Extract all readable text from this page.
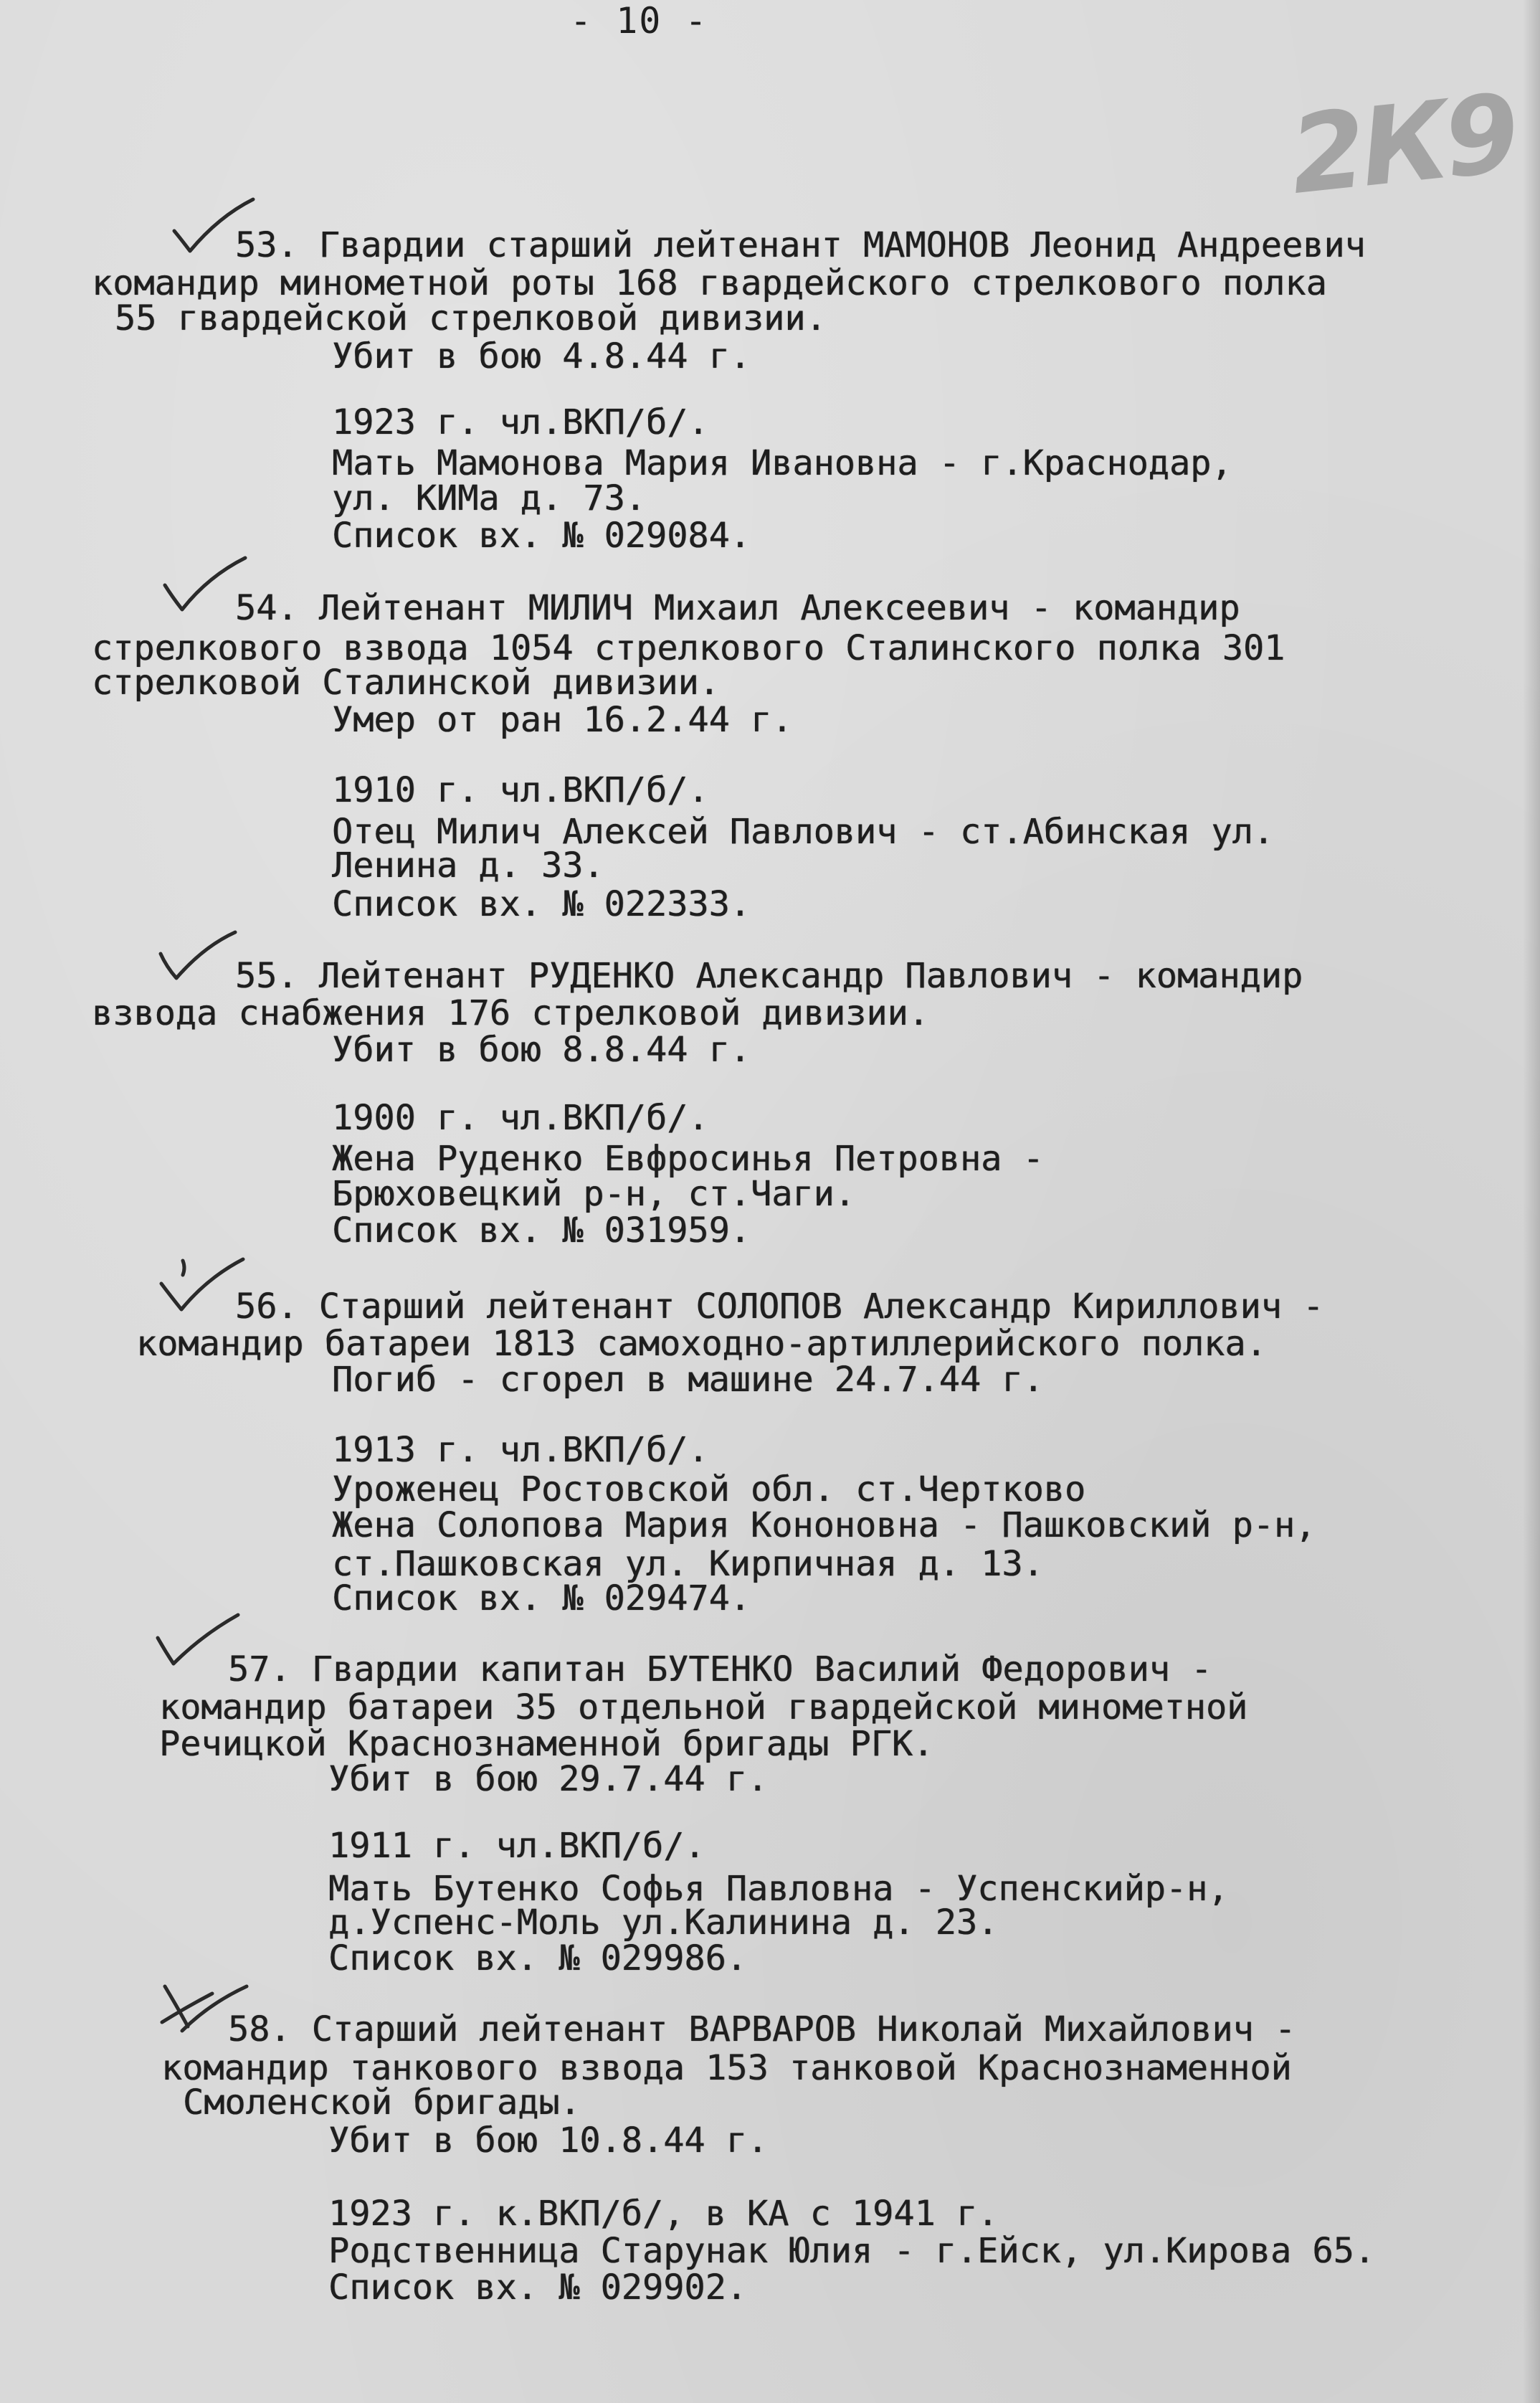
- 10 -
2К9
53. Гвардии старший лейтенант МАМОНОВ Леонид Андреевич
командир минометной роты 168 гвардейского стрелкового полка
55 гвардейской стрелковой дивизии.
Убит в бою 4.8.44 г.
1923 г. чл.ВКП/б/.
Мать Мамонова Мария Ивановна - г.Краснодар,
ул. КИМа д. 73.
Список вх. № 029084.
54. Лейтенант МИЛИЧ Михаил Алексеевич - командир
стрелкового взвода 1054 стрелкового Сталинского полка 301
стрелковой Сталинской дивизии.
Умер от ран 16.2.44 г.
1910 г. чл.ВКП/б/.
Отец Милич Алексей Павлович - ст.Абинская ул.
Ленина д. 33.
Список вх. № 022333.
55. Лейтенант РУДЕНКО Александр Павлович - командир
взвода снабжения 176 стрелковой дивизии.
Убит в бою 8.8.44 г.
1900 г. чл.ВКП/б/.
Жена Руденко Евфросинья Петровна -
Брюховецкий р-н, ст.Чаги.
Список вх. № 031959.
56. Старший лейтенант СОЛОПОВ Александр Кириллович -
командир батареи 1813 самоходно-артиллерийского полка.
Погиб - сгорел в машине 24.7.44 г.
1913 г. чл.ВКП/б/.
Уроженец Ростовской обл. ст.Чертково
Жена Солопова Мария Кононовна - Пашковский р-н,
ст.Пашковская ул. Кирпичная д. 13.
Список вх. № 029474.
57. Гвардии капитан БУТЕНКО Василий Федорович -
командир батареи 35 отдельной гвардейской минометной
Речицкой Краснознаменной бригады РГК.
Убит в бою 29.7.44 г.
1911 г. чл.ВКП/б/.
Мать Бутенко Софья Павловна - Успенскийр-н,
д.Успенс-Моль ул.Калинина д. 23.
Список вх. № 029986.
58. Старший лейтенант ВАРВАРОВ Николай Михайлович -
командир танкового взвода 153 танковой Краснознаменной
Смоленской бригады.
Убит в бою 10.8.44 г.
1923 г. к.ВКП/б/, в КА с 1941 г.
Родственница Старунак Юлия - г.Ейск, ул.Кирова 65.
Список вх. № 029902.
